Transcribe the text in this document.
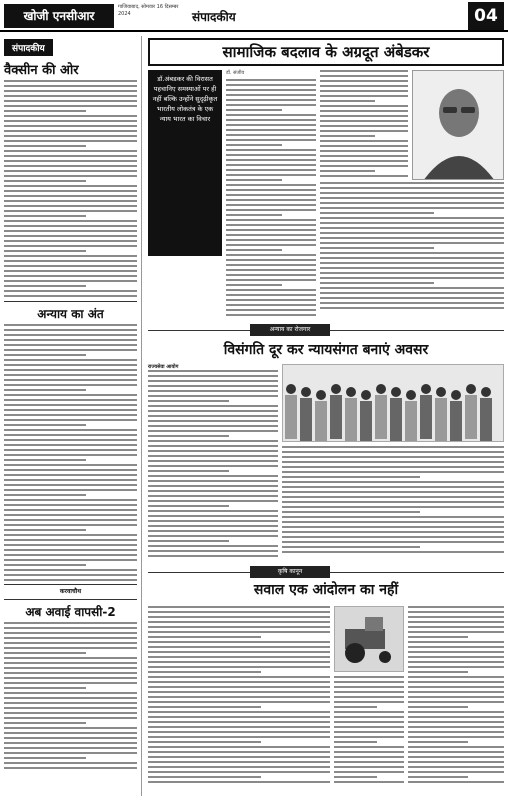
खोजी एनसीआर
गाजियाबाद, सोमवार 16 दिसम्बर 2024	संपादकीय	04
संपादकीय
वैक्सीन की ओर
अन्याय का अंत
करवाचौथ
अब अवाई वापसी-2
सामाजिक बदलाव के अग्रदूत अंबेडकर
डॉ.अंबडकर की विरासत पहचानिए समस्याओं पर ही नहीं बल्कि उन्होंने सुदृढ़ीकृत भारतीय लोकतंत्र के एक न्याय भारत का विचार
डॉ. संजीव
अन्याय का रोजगार
विसंगति दूर कर न्यायसंगत बनाएं अवसर
राज्यसेवा आयोग
कृषि कानून
सवाल एक आंदोलन का नहीं
